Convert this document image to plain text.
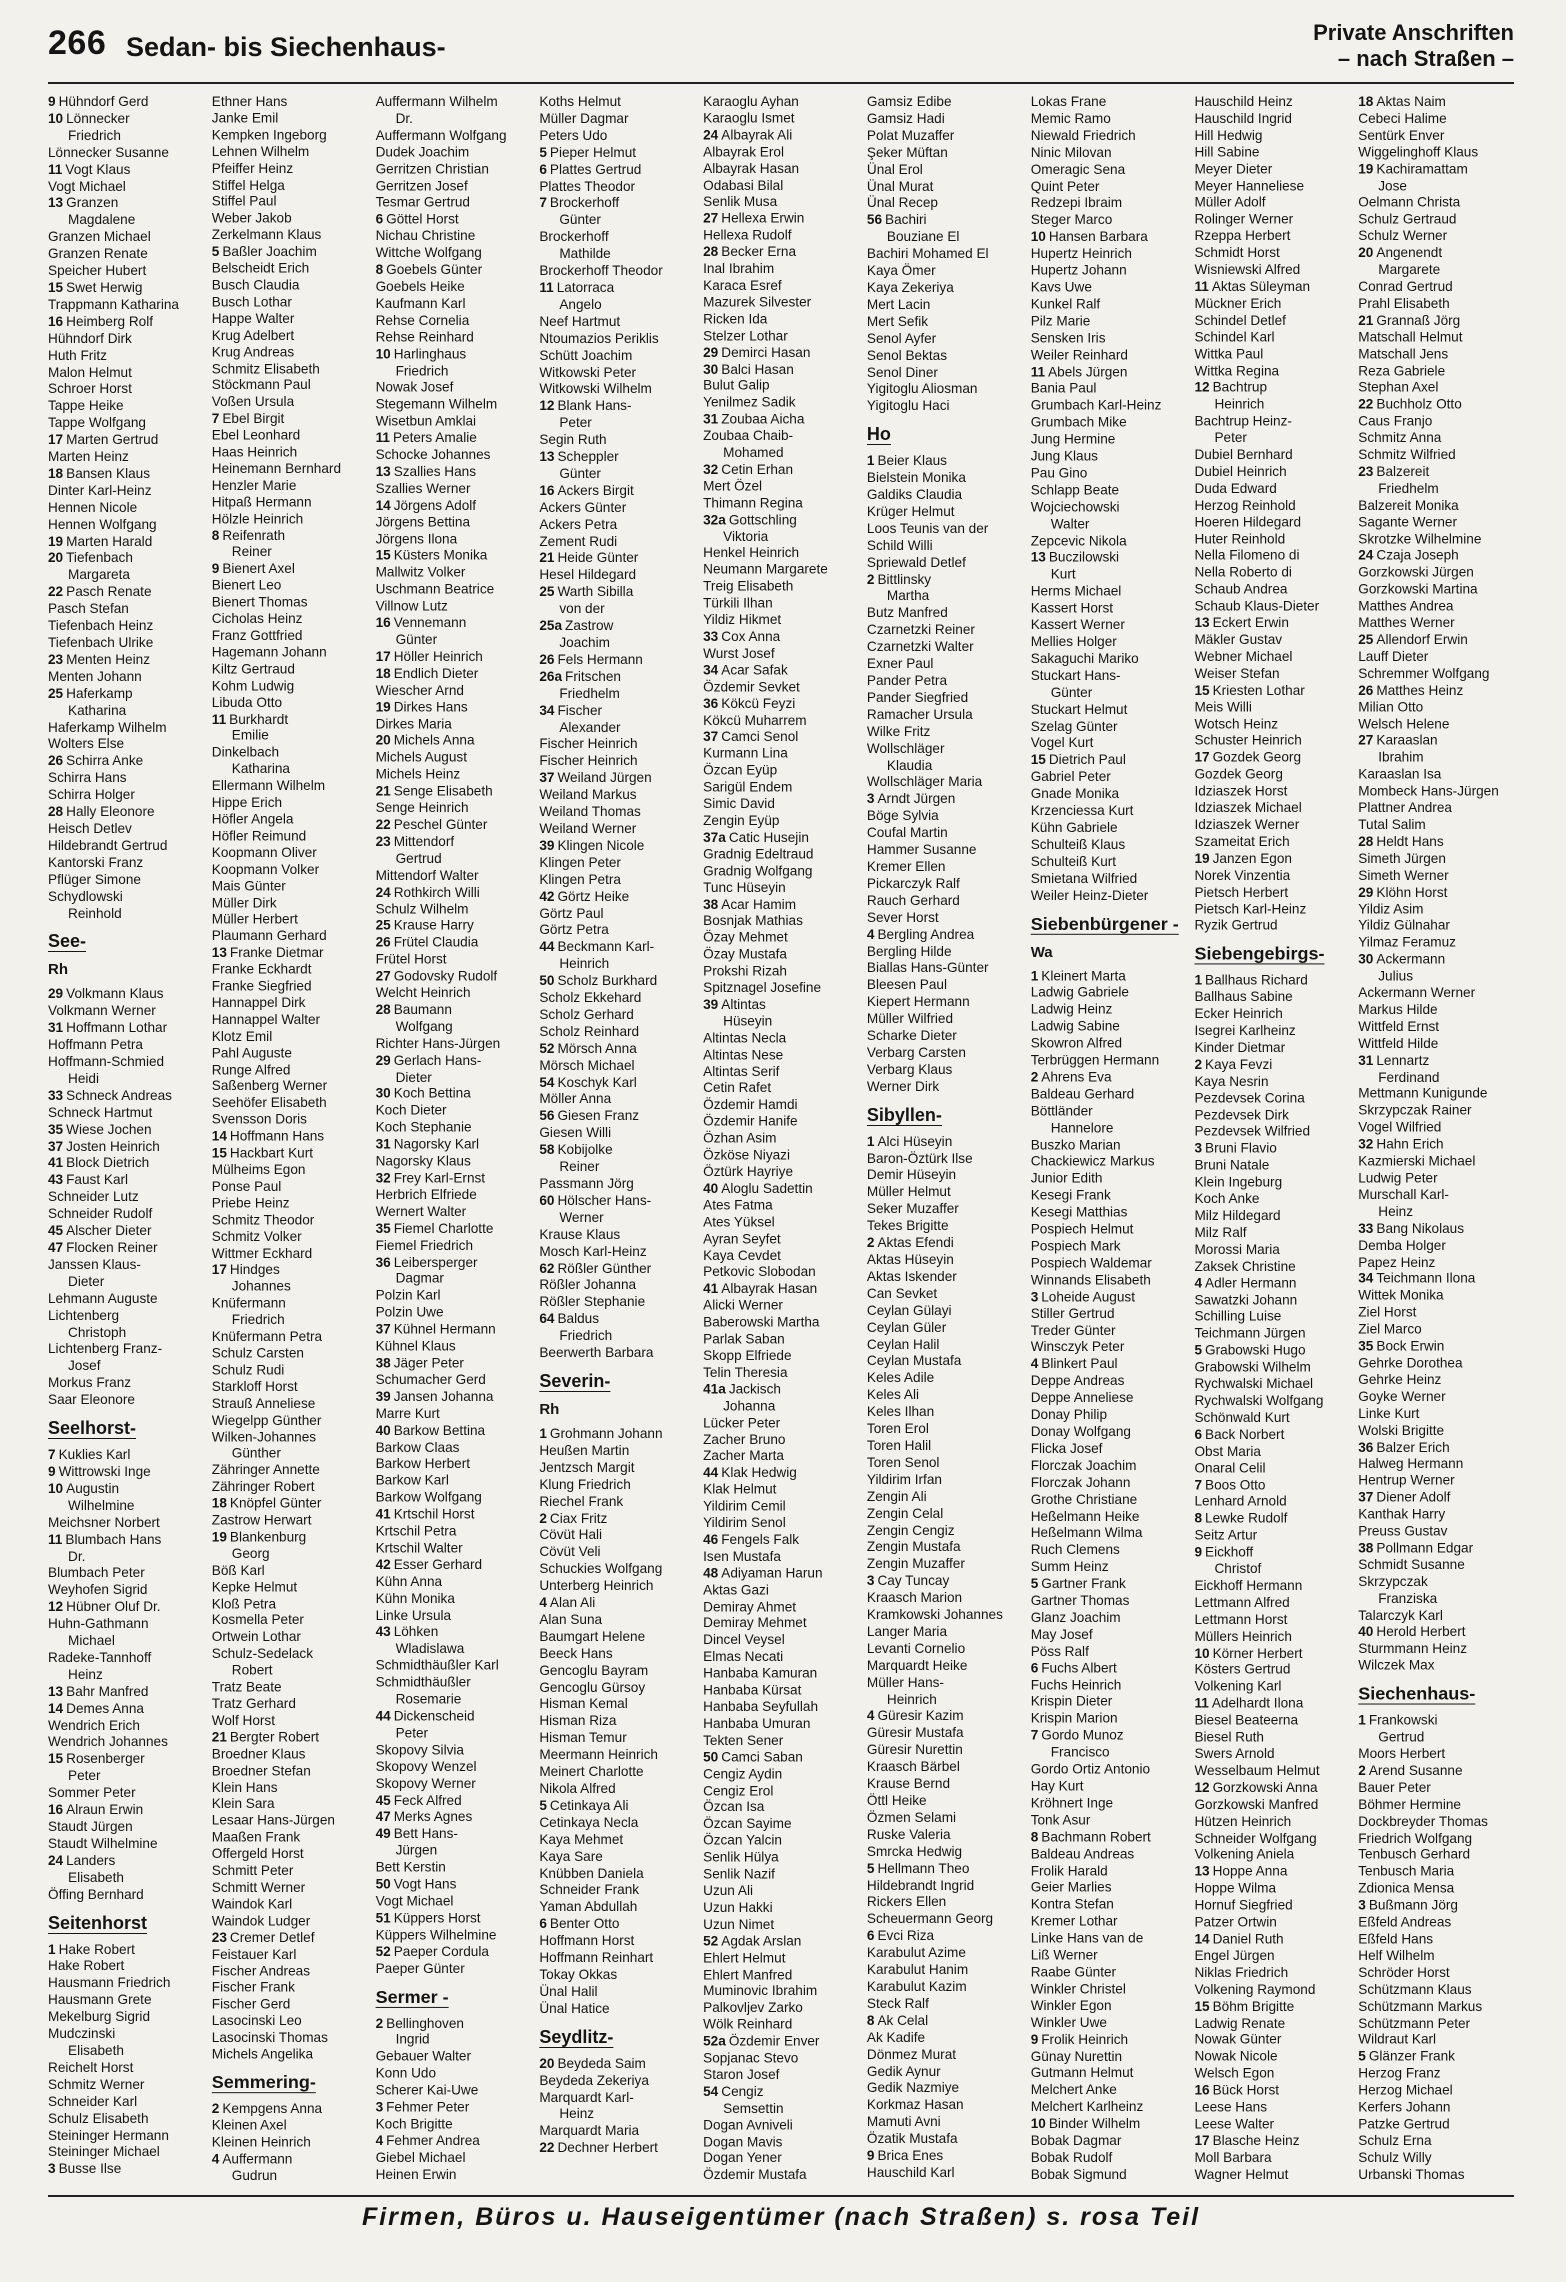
266 Sedan- bis Siechenhaus-	Private Anschriften
– nach Straßen –
9 Hühndorf Gerd
10 Lönnecker
Friedrich
Lönnecker Susanne
11 Vogt Klaus
Vogt Michael
13 Granzen
Magdalene
Granzen Michael
Granzen Renate
Speicher Hubert
15 Swet Herwig
Trappmann Katharina
16 Heimberg Rolf
Hühndorf Dirk
Huth Fritz
Malon Helmut
Schroer Horst
Tappe Heike
Tappe Wolfgang
17 Marten Gertrud
Marten Heinz
18 Bansen Klaus
Dinter Karl-Heinz
Hennen Nicole
Hennen Wolfgang
19 Marten Harald
20 Tiefenbach
Margareta
22 Pasch Renate
Pasch Stefan
Tiefenbach Heinz
Tiefenbach Ulrike
23 Menten Heinz
Menten Johann
25 Haferkamp
Katharina
Haferkamp Wilhelm
Wolters Else
26 Schirra Anke
Schirra Hans
Schirra Holger
28 Hally Eleonore
Heisch Detlev
Hildebrandt Gertrud
Kantorski Franz
Pflüger Simone
Schydlowski
Reinhold
See-
Rh
29 Volkmann Klaus
Volkmann Werner
31 Hoffmann Lothar
Hoffmann Petra
Hoffmann-Schmied
Heidi
33 Schneck Andreas
Schneck Hartmut
35 Wiese Jochen
37 Josten Heinrich
41 Block Dietrich
43 Faust Karl
Schneider Lutz
Schneider Rudolf
45 Alscher Dieter
47 Flocken Reiner
Janssen Klaus-
Dieter
Lehmann Auguste
Lichtenberg
Christoph
Lichtenberg Franz-
Josef
Morkus Franz
Saar Eleonore
Seelhorst-
7 Kuklies Karl
9 Wittrowski Inge
10 Augustin
Wilhelmine
Meichsner Norbert
11 Blumbach Hans
Dr.
Blumbach Peter
Weyhofen Sigrid
12 Hübner Oluf Dr.
Huhn-Gathmann
Michael
Radeke-Tannhoff
Heinz
13 Bahr Manfred
14 Demes Anna
Wendrich Erich
Wendrich Johannes
15 Rosenberger
Peter
Sommer Peter
16 Alraun Erwin
Staudt Jürgen
Staudt Wilhelmine
24 Landers
Elisabeth
Öffing Bernhard
Seitenhorst
1 Hake Robert
Hake Robert
Hausmann Friedrich
Hausmann Grete
Mekelburg Sigrid
Mudczinski
Elisabeth
Reichelt Horst
Schmitz Werner
Schneider Karl
Schulz Elisabeth
Steininger Hermann
Steininger Michael
3 Busse Ilse
Ethner Hans
Janke Emil
Kempken Ingeborg
Lehnen Wilhelm
Pfeiffer Heinz
Stiffel Helga
Stiffel Paul
Weber Jakob
Zerkelmann Klaus
5 Baßler Joachim
Belscheidt Erich
Busch Claudia
Busch Lothar
Happe Walter
Krug Adelbert
Krug Andreas
Schmitz Elisabeth
Stöckmann Paul
Voßen Ursula
7 Ebel Birgit
Ebel Leonhard
Haas Heinrich
Heinemann Bernhard
Henzler Marie
Hitpaß Hermann
Hölzle Heinrich
8 Reifenrath
Reiner
9 Bienert Axel
Bienert Leo
Bienert Thomas
Cicholas Heinz
Franz Gottfried
Hagemann Johann
Kiltz Gertraud
Kohm Ludwig
Libuda Otto
11 Burkhardt
Emilie
Dinkelbach
Katharina
Ellermann Wilhelm
Hippe Erich
Höfler Angela
Höfler Reimund
Koopmann Oliver
Koopmann Volker
Mais Günter
Müller Dirk
Müller Herbert
Plaumann Gerhard
13 Franke Dietmar
Franke Eckhardt
Franke Siegfried
Hannappel Dirk
Hannappel Walter
Klotz Emil
Pahl Auguste
Runge Alfred
Saßenberg Werner
Seehöfer Elisabeth
Svensson Doris
14 Hoffmann Hans
15 Hackbart Kurt
Mülheims Egon
Ponse Paul
Priebe Heinz
Schmitz Theodor
Schmitz Volker
Wittmer Eckhard
17 Hindges
Johannes
Knüfermann
Friedrich
Knüfermann Petra
Schulz Carsten
Schulz Rudi
Starkloff Horst
Strauß Anneliese
Wiegelpp Günther
Wilken-Johannes
Günther
Zähringer Annette
Zähringer Robert
18 Knöpfel Günter
Zastrow Herwart
19 Blankenburg
Georg
Böß Karl
Kepke Helmut
Kloß Petra
Kosmella Peter
Ortwein Lothar
Schulz-Sedelack
Robert
Tratz Beate
Tratz Gerhard
Wolf Horst
21 Bergter Robert
Broedner Klaus
Broedner Stefan
Klein Hans
Klein Sara
Lesaar Hans-Jürgen
Maaßen Frank
Offergeld Horst
Schmitt Peter
Schmitt Werner
Waindok Karl
Waindok Ludger
23 Cremer Detlef
Feistauer Karl
Fischer Andreas
Fischer Frank
Fischer Gerd
Lasocinski Leo
Lasocinski Thomas
Michels Angelika
Semmering-
2 Kempgens Anna
Kleinen Axel
Kleinen Heinrich
4 Auffermann
Gudrun
Auffermann Wilhelm
Dr.
Auffermann Wolfgang
Dudek Joachim
Gerritzen Christian
Gerritzen Josef
Tesmar Gertrud
6 Göttel Horst
Nichau Christine
Wittche Wolfgang
8 Goebels Günter
Goebels Heike
Kaufmann Karl
Rehse Cornelia
Rehse Reinhard
10 Harlinghaus
Friedrich
Nowak Josef
Stegemann Wilhelm
Wisetbun Amklai
11 Peters Amalie
Schocke Johannes
13 Szallies Hans
Szallies Werner
14 Jörgens Adolf
Jörgens Bettina
Jörgens Ilona
15 Küsters Monika
Mallwitz Volker
Uschmann Beatrice
Villnow Lutz
16 Vennemann
Günter
17 Höller Heinrich
18 Endlich Dieter
Wiescher Arnd
19 Dirkes Hans
Dirkes Maria
20 Michels Anna
Michels August
Michels Heinz
21 Senge Elisabeth
Senge Heinrich
22 Peschel Günter
23 Mittendorf
Gertrud
Mittendorf Walter
24 Rothkirch Willi
Schulz Wilhelm
25 Krause Harry
26 Frütel Claudia
Frütel Horst
27 Godovsky Rudolf
Welcht Heinrich
28 Baumann
Wolfgang
Richter Hans-Jürgen
29 Gerlach Hans-
Dieter
30 Koch Bettina
Koch Dieter
Koch Stephanie
31 Nagorsky Karl
Nagorsky Klaus
32 Frey Karl-Ernst
Herbrich Elfriede
Wernert Walter
35 Fiemel Charlotte
Fiemel Friedrich
36 Leibersperger
Dagmar
Polzin Karl
Polzin Uwe
37 Kühnel Hermann
Kühnel Klaus
38 Jäger Peter
Schumacher Gerd
39 Jansen Johanna
Marre Kurt
40 Barkow Bettina
Barkow Claas
Barkow Herbert
Barkow Karl
Barkow Wolfgang
41 Krtschil Horst
Krtschil Petra
Krtschil Walter
42 Esser Gerhard
Kühn Anna
Kühn Monika
Linke Ursula
43 Löhken
Wladislawa
Schmidthäußler Karl
Schmidthäußler
Rosemarie
44 Dickenscheid
Peter
Skopovy Silvia
Skopovy Wenzel
Skopovy Werner
45 Feck Alfred
47 Merks Agnes
49 Bett Hans-
Jürgen
Bett Kerstin
50 Vogt Hans
Vogt Michael
51 Küppers Horst
Küppers Wilhelmine
52 Paeper Cordula
Paeper Günter
Sermer -
2 Bellinghoven
Ingrid
Gebauer Walter
Konn Udo
Scherer Kai-Uwe
3 Fehmer Peter
Koch Brigitte
4 Fehmer Andrea
Giebel Michael
Heinen Erwin
Koths Helmut
Müller Dagmar
Peters Udo
5 Pieper Helmut
6 Plattes Gertrud
Plattes Theodor
7 Brockerhoff
Günter
Brockerhoff
Mathilde
Brockerhoff Theodor
11 Latorraca
Angelo
Neef Hartmut
Ntoumazios Periklis
Schütt Joachim
Witkowski Peter
Witkowski Wilhelm
12 Blank Hans-
Peter
Segin Ruth
13 Scheppler
Günter
16 Ackers Birgit
Ackers Günter
Ackers Petra
Zement Rudi
21 Heide Günter
Hesel Hildegard
25 Warth Sibilla
von der
25a Zastrow
Joachim
26 Fels Hermann
26a Fritschen
Friedhelm
34 Fischer
Alexander
Fischer Heinrich
Fischer Heinrich
37 Weiland Jürgen
Weiland Markus
Weiland Thomas
Weiland Werner
39 Klingen Nicole
Klingen Peter
Klingen Petra
42 Görtz Heike
Görtz Paul
Görtz Petra
44 Beckmann Karl-
Heinrich
50 Scholz Burkhard
Scholz Ekkehard
Scholz Gerhard
Scholz Reinhard
52 Mörsch Anna
Mörsch Michael
54 Koschyk Karl
Möller Anna
56 Giesen Franz
Giesen Willi
58 Kobijolke
Reiner
Passmann Jörg
60 Hölscher Hans-
Werner
Krause Klaus
Mosch Karl-Heinz
62 Rößler Günther
Rößler Johanna
Rößler Stephanie
64 Baldus
Friedrich
Beerwerth Barbara
Severin-
Rh
1 Grohmann Johann
Heußen Martin
Jentzsch Margit
Klung Friedrich
Riechel Frank
2 Ciax Fritz
Cövüt Hali
Cövüt Veli
Schuckies Wolfgang
Unterberg Heinrich
4 Alan Ali
Alan Suna
Baumgart Helene
Beeck Hans
Gencoglu Bayram
Gencoglu Gürsoy
Hisman Kemal
Hisman Riza
Hisman Temur
Meermann Heinrich
Meinert Charlotte
Nikola Alfred
5 Cetinkaya Ali
Cetinkaya Necla
Kaya Mehmet
Kaya Sare
Knübben Daniela
Schneider Frank
Yaman Abdullah
6 Benter Otto
Hoffmann Horst
Hoffmann Reinhart
Tokay Okkas
Ünal Halil
Ünal Hatice
Seydlitz-
20 Beydeda Saim
Beydeda Zekeriya
Marquardt Karl-
Heinz
Marquardt Maria
22 Dechner Herbert
Karaoglu Ayhan
Karaoglu Ismet
24 Albayrak Ali
Albayrak Erol
Albayrak Hasan
Odabasi Bilal
Senlik Musa
27 Hellexa Erwin
Hellexa Rudolf
28 Becker Erna
Inal Ibrahim
Karaca Esref
Mazurek Silvester
Ricken Ida
Stelzer Lothar
29 Demirci Hasan
30 Balci Hasan
Bulut Galip
Yenilmez Sadik
31 Zoubaa Aicha
Zoubaa Chaib-
Mohamed
32 Cetin Erhan
Mert Özel
Thimann Regina
32a Gottschling
Viktoria
Henkel Heinrich
Neumann Margarete
Treig Elisabeth
Türkili Ilhan
Yildiz Hikmet
33 Cox Anna
Wurst Josef
34 Acar Safak
Özdemir Sevket
36 Kökcü Feyzi
Kökcü Muharrem
37 Camci Senol
Kurmann Lina
Özcan Eyüp
Sarigül Endem
Simic David
Zengin Eyüp
37a Catic Husejin
Gradnig Edeltraud
Gradnig Wolfgang
Tunc Hüseyin
38 Acar Hamim
Bosnjak Mathias
Özay Mehmet
Özay Mustafa
Prokshi Rizah
Spitznagel Josefine
39 Altintas
Hüseyin
Altintas Necla
Altintas Nese
Altintas Serif
Cetin Rafet
Özdemir Hamdi
Özdemir Hanife
Özhan Asim
Özköse Niyazi
Öztürk Hayriye
40 Aloglu Sadettin
Ates Fatma
Ates Yüksel
Ayran Seyfet
Kaya Cevdet
Petkovic Slobodan
41 Albayrak Hasan
Alicki Werner
Baberowski Martha
Parlak Saban
Skopp Elfriede
Telin Theresia
41a Jackisch
Johanna
Lücker Peter
Zacher Bruno
Zacher Marta
44 Klak Hedwig
Klak Helmut
Yildirim Cemil
Yildirim Senol
46 Fengels Falk
Isen Mustafa
48 Adiyaman Harun
Aktas Gazi
Demiray Ahmet
Demiray Mehmet
Dincel Veysel
Elmas Necati
Hanbaba Kamuran
Hanbaba Kürsat
Hanbaba Seyfullah
Hanbaba Umuran
Tekten Sener
50 Camci Saban
Cengiz Aydin
Cengiz Erol
Özcan Isa
Özcan Sayime
Özcan Yalcin
Senlik Hülya
Senlik Nazif
Uzun Ali
Uzun Hakki
Uzun Nimet
52 Agdak Arslan
Ehlert Helmut
Ehlert Manfred
Muminovic Ibrahim
Palkovljev Zarko
Wölk Reinhard
52a Özdemir Enver
Sopjanac Stevo
Staron Josef
54 Cengiz
Semsettin
Dogan Avniveli
Dogan Mavis
Dogan Yener
Özdemir Mustafa
Gamsiz Edibe
Gamsiz Hadi
Polat Muzaffer
Şeker Müftan
Ünal Erol
Ünal Murat
Ünal Recep
56 Bachiri
Bouziane El
Bachiri Mohamed El
Kaya Ömer
Kaya Zekeriya
Mert Lacin
Mert Sefik
Senol Ayfer
Senol Bektas
Senol Diner
Yigitoglu Aliosman
Yigitoglu Haci
Ho
1 Beier Klaus
Bielstein Monika
Galdiks Claudia
Krüger Helmut
Loos Teunis van der
Schild Willi
Spriewald Detlef
2 Bittlinsky
Martha
Butz Manfred
Czarnetzki Reiner
Czarnetzki Walter
Exner Paul
Pander Petra
Pander Siegfried
Ramacher Ursula
Wilke Fritz
Wollschläger
Klaudia
Wollschläger Maria
3 Arndt Jürgen
Böge Sylvia
Coufal Martin
Hammer Susanne
Kremer Ellen
Pickarczyk Ralf
Rauch Gerhard
Sever Horst
4 Bergling Andrea
Bergling Hilde
Biallas Hans-Günter
Bleesen Paul
Kiepert Hermann
Müller Wilfried
Scharke Dieter
Verbarg Carsten
Verbarg Klaus
Werner Dirk
Sibyllen-
1 Alci Hüseyin
Baron-Öztürk Ilse
Demir Hüseyin
Müller Helmut
Seker Muzaffer
Tekes Brigitte
2 Aktas Efendi
Aktas Hüseyin
Aktas Iskender
Can Sevket
Ceylan Gülayi
Ceylan Güler
Ceylan Halil
Ceylan Mustafa
Keles Adile
Keles Ali
Keles Ilhan
Toren Erol
Toren Halil
Toren Senol
Yildirim Irfan
Zengin Ali
Zengin Celal
Zengin Cengiz
Zengin Mustafa
Zengin Muzaffer
3 Cay Tuncay
Kraasch Marion
Kramkowski Johannes
Langer Maria
Levanti Cornelio
Marquardt Heike
Müller Hans-
Heinrich
4 Güresir Kazim
Güresir Mustafa
Güresir Nurettin
Kraasch Bärbel
Krause Bernd
Öttl Heike
Özmen Selami
Ruske Valeria
Smrcka Hedwig
5 Hellmann Theo
Hildebrandt Ingrid
Rickers Ellen
Scheuermann Georg
6 Evci Riza
Karabulut Azime
Karabulut Hanim
Karabulut Kazim
Steck Ralf
8 Ak Celal
Ak Kadife
Dönmez Murat
Gedik Aynur
Gedik Nazmiye
Korkmaz Hasan
Mamuti Avni
Özatik Mustafa
9 Brica Enes
Hauschild Karl
Lokas Frane
Memic Ramo
Niewald Friedrich
Ninic Milovan
Omeragic Sena
Quint Peter
Redzepi Ibraim
Steger Marco
10 Hansen Barbara
Hupertz Heinrich
Hupertz Johann
Kavs Uwe
Kunkel Ralf
Pilz Marie
Sensken Iris
Weiler Reinhard
11 Abels Jürgen
Bania Paul
Grumbach Karl-Heinz
Grumbach Mike
Jung Hermine
Jung Klaus
Pau Gino
Schlapp Beate
Wojciechowski
Walter
Zepcevic Nikola
13 Buczilowski
Kurt
Herms Michael
Kassert Horst
Kassert Werner
Mellies Holger
Sakaguchi Mariko
Stuckart Hans-
Günter
Stuckart Helmut
Szelag Günter
Vogel Kurt
15 Dietrich Paul
Gabriel Peter
Gnade Monika
Krzenciessa Kurt
Kühn Gabriele
Schulteiß Klaus
Schulteiß Kurt
Smietana Wilfried
Weiler Heinz-Dieter
Siebenbürgener -
Wa
1 Kleinert Marta
Ladwig Gabriele
Ladwig Heinz
Ladwig Sabine
Skowron Alfred
Terbrüggen Hermann
2 Ahrens Eva
Baldeau Gerhard
Böttländer
Hannelore
Buszko Marian
Chackiewicz Markus
Junior Edith
Kesegi Frank
Kesegi Matthias
Pospiech Helmut
Pospiech Mark
Pospiech Waldemar
Winnands Elisabeth
3 Loheide August
Stiller Gertrud
Treder Günter
Winsczyk Peter
4 Blinkert Paul
Deppe Andreas
Deppe Anneliese
Donay Philip
Donay Wolfgang
Flicka Josef
Florczak Joachim
Florczak Johann
Grothe Christiane
Heßelmann Heike
Heßelmann Wilma
Ruch Clemens
Summ Heinz
5 Gartner Frank
Gartner Thomas
Glanz Joachim
May Josef
Pöss Ralf
6 Fuchs Albert
Fuchs Heinrich
Krispin Dieter
Krispin Marion
7 Gordo Munoz
Francisco
Gordo Ortiz Antonio
Hay Kurt
Kröhnert Inge
Tonk Asur
8 Bachmann Robert
Baldeau Andreas
Frolik Harald
Geier Marlies
Kontra Stefan
Kremer Lothar
Linke Hans van de
Liß Werner
Raabe Günter
Winkler Christel
Winkler Egon
Winkler Uwe
9 Frolik Heinrich
Günay Nurettin
Gutmann Helmut
Melchert Anke
Melchert Karlheinz
10 Binder Wilhelm
Bobak Dagmar
Bobak Rudolf
Bobak Sigmund
Hauschild Heinz
Hauschild Ingrid
Hill Hedwig
Hill Sabine
Meyer Dieter
Meyer Hanneliese
Müller Adolf
Rolinger Werner
Rzeppa Herbert
Schmidt Horst
Wisniewski Alfred
11 Aktas Süleyman
Mückner Erich
Schindel Detlef
Schindel Karl
Wittka Paul
Wittka Regina
12 Bachtrup
Heinrich
Bachtrup Heinz-
Peter
Dubiel Bernhard
Dubiel Heinrich
Duda Edward
Herzog Reinhold
Hoeren Hildegard
Huter Reinhold
Nella Filomeno di
Nella Roberto di
Schaub Andrea
Schaub Klaus-Dieter
13 Eckert Erwin
Mäkler Gustav
Webner Michael
Weiser Stefan
15 Kriesten Lothar
Meis Willi
Wotsch Heinz
Schuster Heinrich
17 Gozdek Georg
Gozdek Georg
Idziaszek Horst
Idziaszek Michael
Idziaszek Werner
Szameitat Erich
19 Janzen Egon
Norek Vinzentia
Pietsch Herbert
Pietsch Karl-Heinz
Ryzik Gertrud
Siebengebirgs-
1 Ballhaus Richard
Ballhaus Sabine
Ecker Heinrich
Isegrei Karlheinz
Kinder Dietmar
2 Kaya Fevzi
Kaya Nesrin
Pezdevsek Corina
Pezdevsek Dirk
Pezdevsek Wilfried
3 Bruni Flavio
Bruni Natale
Klein Ingeburg
Koch Anke
Milz Hildegard
Milz Ralf
Morossi Maria
Zaksek Christine
4 Adler Hermann
Sawatzki Johann
Schilling Luise
Teichmann Jürgen
5 Grabowski Hugo
Grabowski Wilhelm
Rychwalski Michael
Rychwalski Wolfgang
Schönwald Kurt
6 Back Norbert
Obst Maria
Onaral Celil
7 Boos Otto
Lenhard Arnold
8 Lewke Rudolf
Seitz Artur
9 Eickhoff
Christof
Eickhoff Hermann
Lettmann Alfred
Lettmann Horst
Müllers Heinrich
10 Körner Herbert
Kösters Gertrud
Volkening Karl
11 Adelhardt Ilona
Biesel Beateerna
Biesel Ruth
Swers Arnold
Wesselbaum Helmut
12 Gorzkowski Anna
Gorzkowski Manfred
Hützen Heinrich
Schneider Wolfgang
Volkening Aniela
13 Hoppe Anna
Hoppe Wilma
Hornuf Siegfried
Patzer Ortwin
14 Daniel Ruth
Engel Jürgen
Niklas Friedrich
Volkening Raymond
15 Böhm Brigitte
Ladwig Renate
Nowak Günter
Nowak Nicole
Welsch Egon
16 Bück Horst
Leese Hans
Leese Walter
17 Blasche Heinz
Moll Barbara
Wagner Helmut
18 Aktas Naim
Cebeci Halime
Sentürk Enver
Wiggelinghoff Klaus
19 Kachiramattam
Jose
Oelmann Christa
Schulz Gertraud
Schulz Werner
20 Angenendt
Margarete
Conrad Gertrud
Prahl Elisabeth
21 Grannaß Jörg
Matschall Helmut
Matschall Jens
Reza Gabriele
Stephan Axel
22 Buchholz Otto
Caus Franjo
Schmitz Anna
Schmitz Wilfried
23 Balzereit
Friedhelm
Balzereit Monika
Sagante Werner
Skrotzke Wilhelmine
24 Czaja Joseph
Gorzkowski Jürgen
Gorzkowski Martina
Matthes Andrea
Matthes Werner
25 Allendorf Erwin
Lauff Dieter
Schremmer Wolfgang
26 Matthes Heinz
Milian Otto
Welsch Helene
27 Karaaslan
Ibrahim
Karaaslan Isa
Mombeck Hans-Jürgen
Plattner Andrea
Tutal Salim
28 Heldt Hans
Simeth Jürgen
Simeth Werner
29 Klöhn Horst
Yildiz Asim
Yildiz Gülnahar
Yilmaz Feramuz
30 Ackermann
Julius
Ackermann Werner
Markus Hilde
Wittfeld Ernst
Wittfeld Hilde
31 Lennartz
Ferdinand
Mettmann Kunigunde
Skrzypczak Rainer
Vogel Wilfried
32 Hahn Erich
Kazmierski Michael
Ludwig Peter
Murschall Karl-
Heinz
33 Bang Nikolaus
Demba Holger
Papez Heinz
34 Teichmann Ilona
Wittek Monika
Ziel Horst
Ziel Marco
35 Bock Erwin
Gehrke Dorothea
Gehrke Heinz
Goyke Werner
Linke Kurt
Wolski Brigitte
36 Balzer Erich
Halweg Hermann
Hentrup Werner
37 Diener Adolf
Kanthak Harry
Preuss Gustav
38 Pollmann Edgar
Schmidt Susanne
Skrzypczak
Franziska
Talarczyk Karl
40 Herold Herbert
Sturmmann Heinz
Wilczek Max
Siechenhaus-
1 Frankowski
Gertrud
Moors Herbert
2 Arend Susanne
Bauer Peter
Böhmer Hermine
Dockbreyder Thomas
Friedrich Wolfgang
Tenbusch Gerhard
Tenbusch Maria
Zdionica Mensa
3 Bußmann Jörg
Eßfeld Andreas
Eßfeld Hans
Helf Wilhelm
Schröder Horst
Schützmann Klaus
Schützmann Markus
Schützmann Peter
Wildraut Karl
5 Glänzer Frank
Herzog Franz
Herzog Michael
Kerfers Johann
Patzke Gertrud
Schulz Erna
Schulz Willy
Urbanski Thomas
Firmen, Büros u. Hauseigentümer (nach Straßen) s. rosa Teil
